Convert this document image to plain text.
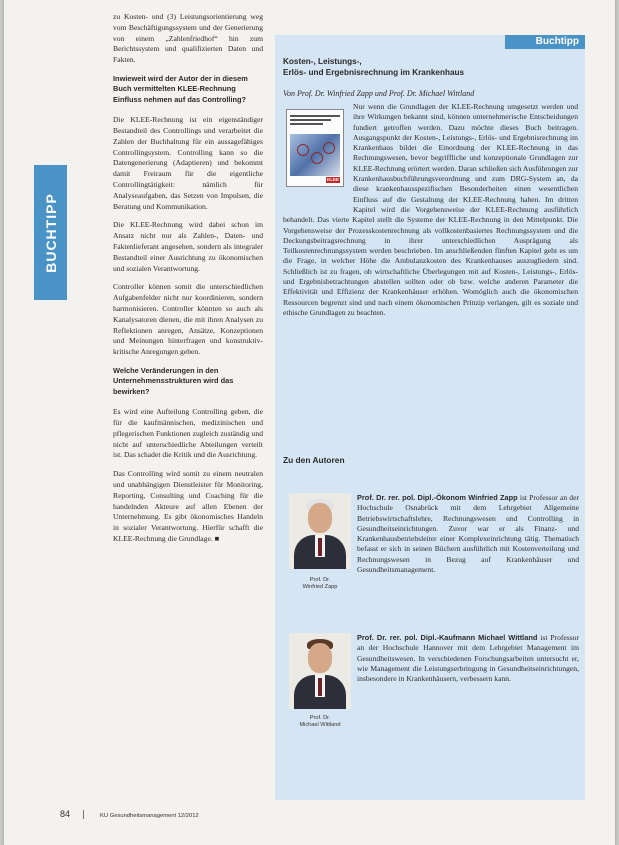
BUCHTIPP

zu Kosten- und (3) Leistungsorientierung weg vom Beschäftigungssystem und der Generierung von einem „Zahlenfriedhof“ hin zum Berichtssystem und qualifizierten Daten und Fakten.

Inwieweit wird der Autor der in diesem Buch vermittelten KLEE-Rechnung Einfluss nehmen auf das Controlling?

Die KLEE-Rechnung ist ein eigenständiger Bestandteil des Controllings und verarbeitet die Zahlen der Buchhaltung für ein aussagefähiges Controllingsystem. Controlling kann so die Datengenerierung (Adaptieren) und bekommt damit Freiraum für die eigentliche Controllingtätigkeit: nämlich für Analyseaufgaben, das Setzen von Impulsen, die Beratung und Kommunikation.

Die KLEE-Rechnung wird dabei schon im Ansatz nicht nur als Zahlen-, Daten- und Faktenlieferant angesehen, sondern als integraler Bestandteil einer Ausrichtung zu ökonomischen und sozialen Verantwortung.

Controller können somit die unterschiedlichen Aufgabenfelder nicht nur koordinieren, sondern harmonisieren. Controller könnten so auch als Kanalysatoren dienen, die mit ihren Analysen zu Reflektionen anregen, Ansätze, Konzeptionen und Meinungen hinterfragen und konstruktiv-kritische Anregungen geben.

Welche Veränderungen in den Unternehmensstrukturen wird das bewirken?

Es wird eine Aufteilung Controlling geben, die für die kaufmännischen, medizinischen und pflegerischen Funktionen zugleich zuständig und nicht auf unterschiedliche Abteilungen verteilt ist. Das schadet die Kritik und die Ausrichtung.

Das Controlling wird somit zu einem neutralen und unabhängigen Dienstleister für Monitoring, Reporting, Consulting und Coaching für die handelnden Akteure auf allen Ebenen der Unternehmung. Es gibt ökonomisches Handeln in sozialer Verantwortung. Hierfür schafft die KLEE-Rechnung die Grundlage. ■

Buchtipp
Kosten-, Leistungs-,
Erlös- und Ergebnisrechnung im Krankenhaus
Von Prof. Dr. Winfried Zapp und Prof. Dr. Michael Wittland
KLEE
Nur wenn die Grundlagen der KLEE-Rechnung umgesetzt werden und ihre Wirkungen bekannt sind, können unternehmerische Entscheidungen fundiert getroffen werden. Dazu möchte dieses Buch beitragen. Ausgangspunkt der Kosten-, Leistungs-, Erlös- und Ergebnisrechnung im Krankenhaus bildet die Einordnung der KLEE-Rechnung in das Rechnungswesen, bevor begriffliche und konzeptionale Grundlagen zur KLEE-Rechnung erörtert werden. Daran schließen sich Ausführungen zur Krankenhausbuchführungsverordnung und zum DRG-System an, da diese krankenhausspezifischen Besonderheiten einen wesentlichen Einfluss auf die Gestaltung der KLEE-Rechnung haben. Im dritten Kapitel wird die Vorgehensweise der KLEE-Rechnung ausführlich behandelt. Das vierte Kapitel stellt die Systeme der KLEE-Rechnung in den Mittelpunkt. Die Vorgehensweise der Prozesskostenrechnung als vollkostenbasiertes Rechnungssystem und die Deckungsbeitragsrechnung in ihrer unterschiedlichen Ausprägung als Teilkostenrechnungssystem werden beschrieben. Im anschließenden fünften Kapitel geht es um die Frage, in welcher Höhe die Ambulanzkosten des Krankenhauses auszugliedern sind. Schließlich ist zu fragen, ob wirtschaftliche Überlegungen mit auf Kosten-, Leistungs-, Erlös- und Ergebnisbetrachtungen abstellen sollten oder ob bzw. welche anderen Parameter die Effektivität und Effizienz der Krankenhäuser erhöhen. Womöglich auch die ökonomischen Ressourcen begrenzt sind und nach einem ökonomischen Prinzip verlangen, gilt es soziale und ethische Grundlagen zu beachten.
Zu den Autoren
Prof. Dr.
Winfried Zapp
Prof. Dr. rer. pol. Dipl.-Ökonom Winfried Zapp ist Professor an der Hochschule Osnabrück mit dem Lehrgebiet Allgemeine Betriebswirtschaftslehre, Rechnungswesen und Controlling in Gesundheitseinrichtungen. Zuvor war er als Finanz- und Krankenhausbetriebsleiter einer Komplexeinrichtung tätig. Thematisch befasst er sich in seinen Büchern ausführlich mit Kostenverteilung und Rechnungswesen in Bezug auf Krankenhäuser und Gesundheitsmanagement.
Prof. Dr.
Michael Wittland
Prof. Dr. rer. pol. Dipl.-Kaufmann Michael Wittland ist Professor an der Hochschule Hannover mit dem Lehrgebiet Management im Gesundheitswesen. In verschiedenen Forschungsarbeiten untersucht er, wie Management die Leistungserbringung in Gesundheitseinrichtungen, insbesondere in Krankenhäusern, verbessern kann.
84	KU Gesundheitsmanagement 12/2012
